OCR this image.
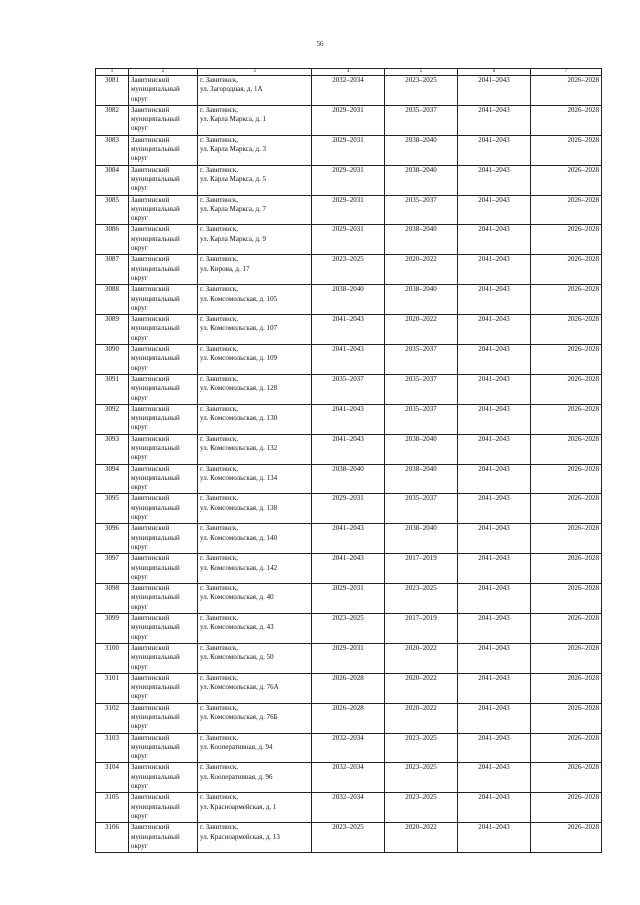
56
1	2	3	4	5	6	7
3081	Завитинский
муниципальный
округ	г. Завитинск,
ул. Загородная, д. 1А	2032–2034	2023–2025	2041–2043	2026–2028
3082	Завитинский
муниципальный
округ	г. Завитинск,
ул. Карла Маркса, д. 1	2029–2031	2035–2037	2041–2043	2026–2028
3083	Завитинский
муниципальный
округ	г. Завитинск,
ул. Карла Маркса, д. 3	2029–2031	2038–2040	2041–2043	2026–2028
3084	Завитинский
муниципальный
округ	г. Завитинск,
ул. Карла Маркса, д. 5	2029–2031	2038–2040	2041–2043	2026–2028
3085	Завитинский
муниципальный
округ	г. Завитинск,
ул. Карла Маркса, д. 7	2029–2031	2035–2037	2041–2043	2026–2028
3086	Завитинский
муниципальный
округ	г. Завитинск,
ул. Карла Маркса, д. 9	2029–2031	2038–2040	2041–2043	2026–2028
3087	Завитинский
муниципальный
округ	г. Завитинск,
ул. Кирова, д. 17	2023–2025	2020–2022	2041–2043	2026–2028
3088	Завитинский
муниципальный
округ	г. Завитинск,
ул. Комсомольская, д. 105	2038–2040	2038–2040	2041–2043	2026–2028
3089	Завитинский
муниципальный
округ	г. Завитинск,
ул. Комсомольская, д. 107	2041–2043	2020–2022	2041–2043	2026–2028
3090	Завитинский
муниципальный
округ	г. Завитинск,
ул. Комсомольская, д. 109	2041–2043	2035–2037	2041–2043	2026–2028
3091	Завитинский
муниципальный
округ	г. Завитинск,
ул. Комсомольская, д. 128	2035–2037	2035–2037	2041–2043	2026–2028
3092	Завитинский
муниципальный
округ	г. Завитинск,
ул. Комсомольская, д. 130	2041–2043	2035–2037	2041–2043	2026–2028
3093	Завитинский
муниципальный
округ	г. Завитинск,
ул. Комсомольская, д. 132	2041–2043	2038–2040	2041–2043	2026–2028
3094	Завитинский
муниципальный
округ	г. Завитинск,
ул. Комсомольская, д. 134	2038–2040	2038–2040	2041–2043	2026–2028
3095	Завитинский
муниципальный
округ	г. Завитинск,
ул. Комсомольская, д. 138	2029–2031	2035–2037	2041–2043	2026–2028
3096	Завитинский
муниципальный
округ	г. Завитинск,
ул. Комсомольская, д. 140	2041–2043	2038–2040	2041–2043	2026–2028
3097	Завитинский
муниципальный
округ	г. Завитинск,
ул. Комсомольская, д. 142	2041–2043	2017–2019	2041–2043	2026–2028
3098	Завитинский
муниципальный
округ	г. Завитинск,
ул. Комсомольская, д. 40	2029–2031	2023–2025	2041–2043	2026–2028
3099	Завитинский
муниципальный
округ	г. Завитинск,
ул. Комсомольская, д. 43	2023–2025	2017–2019	2041–2043	2026–2028
3100	Завитинский
муниципальный
округ	г. Завитинск,
ул. Комсомольская, д. 50	2029–2031	2020–2022	2041–2043	2026–2028
3101	Завитинский
муниципальный
округ	г. Завитинск,
ул. Комсомольская, д. 76А	2026–2028	2020–2022	2041–2043	2026–2028
3102	Завитинский
муниципальный
округ	г. Завитинск,
ул. Комсомольская, д. 76Б	2026–2028	2020–2022	2041–2043	2026–2028
3103	Завитинский
муниципальный
округ	г. Завитинск,
ул. Кооперативная, д. 94	2032–2034	2023–2025	2041–2043	2026–2028
3104	Завитинский
муниципальный
округ	г. Завитинск,
ул. Кооперативная, д. 96	2032–2034	2023–2025	2041–2043	2026–2028
3105	Завитинский
муниципальный
округ	г. Завитинск,
ул. Красноармейская, д. 1	2032–2034	2023–2025	2041–2043	2026–2028
3106	Завитинский
муниципальный
округ	г. Завитинск,
ул. Красноармейская, д. 13	2023–2025	2020–2022	2041–2043	2026–2028
